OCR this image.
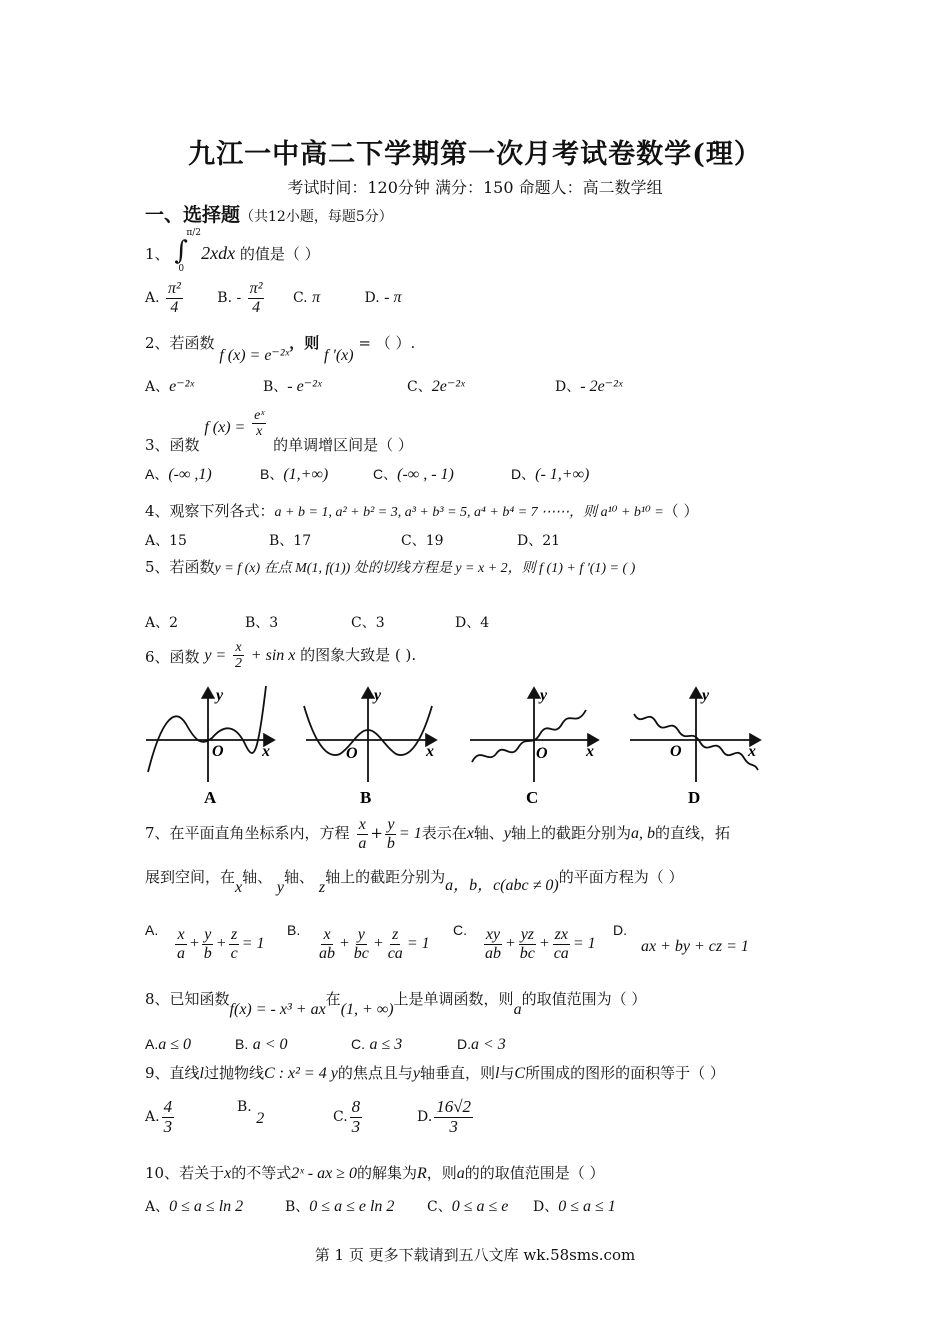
九江一中高二下学期第一次月考试卷数学(理）
考试时间：120分钟 满分：150 命题人：高二数学组
一、选择题（共12小题，每题5分）
1、 ∫
π/2
0
2xdx 的值是（ ）
A. $\frac{\text{π²}}{4} B$. - $\frac{\text{π²}}{4} C$. π	D. - π
2、若函数 f (x) = e⁻²ˣ，则 f '(x) = （ ）.
A、e⁻²ˣ	B、- e⁻²ˣ	C、2e⁻²ˣ	D、- 2e⁻²ˣ
3、函数 f $(x) = \frac{\text{eˣ}}{x}$
的单调增区间是（ ）
A、(-∞ ,1)	B、(1,+∞)	C、(-∞ , - 1)	D、(- 1,+∞)
4、观察下列各式：a + b = 1, a² + b² = 3, a³ + b³ = 5, a⁴ + b⁴ = 7 ⋯⋯，则 a¹⁰ + b¹⁰ =（ ）
A、15	B、17	C、19	D、21
5、若函数y = f (x) 在点 M(1, f(1)) 处的切线方程是 y = x + 2，则 f (1) + f '(1) = ( )
A、2	B、3	C、3	D、4
6、函数 $y = \frac{x}{2} + \sin x$ 的图象大致是 ( ).
y
x
O
A
y
x
O
B
y
x
O
C
y
x
O
D
7、在平面直角坐标系内，方程 $\frac{x}{a} + \frac{y}{b} = 1$表示在x轴、y轴上的截距分别为a, b的直线，拓
展到空间，在x轴、 y轴、 z轴上的截距分别为a，b，c(abc ≠ 0)的平面方程为（ ）
A. $\frac{x}{a} + \frac{y}{b} + \frac{z}{c} = 1$
B. $\frac{x}{ab} + \frac{y}{bc} + \frac{z}{ca} = 1$
C. $\frac{xy}{ab} + \frac{yz}{bc} + \frac{zx}{ca} = 1$
D.
ax + by + cz = 1
8、已知函数f(x) = - x³ + ax在(1, + ∞)上是单调函数，则a的取值范围为（ ）
A.a ≤ 0	B. a < 0	C. a ≤ 3	D.a < 3
9、直线l过抛物线C : x² = 4 y的焦点且与y轴垂直，则l与C所围成的图形的面积等于（ ）
A. $\frac{4}{3}$	B. 2	C. $\frac{8}{3}$	D. $\frac{16√2}{3}$
10、若关于x的不等式2ˣ - ax ≥ 0的解集为R，则a的的取值范围是（ ）
A、0 ≤ a ≤ ln 2	B、0 ≤ a ≤ e ln 2 C、0 ≤ a ≤ e D、0 ≤ a ≤ 1
第 1 页 更多下载请到五八文库 wk.58sms.com
